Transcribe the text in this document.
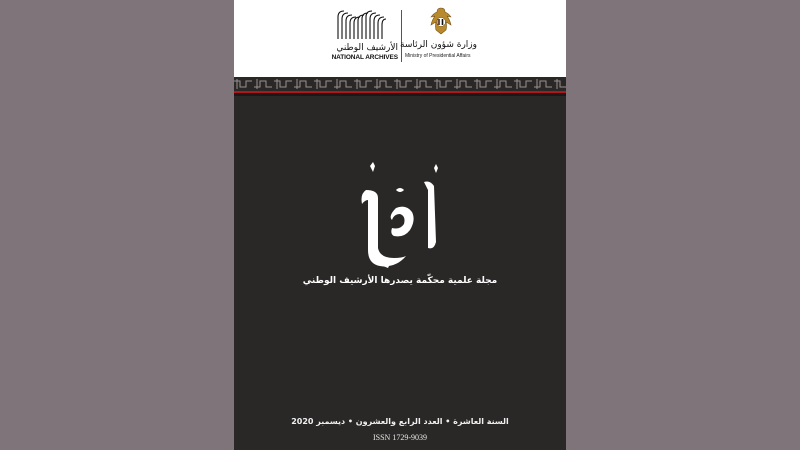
الأرشيف الوطني
NATIONAL ARCHIVES
وزارة شؤون الرئاسة
Ministry of Presidential Affairs
مجلة علمية محكّمة يصدرها الأرشيف الوطني
السنة العاشرة • العدد الرابع والعشرون • ديسمبر 2020
ISSN 1729-9039
